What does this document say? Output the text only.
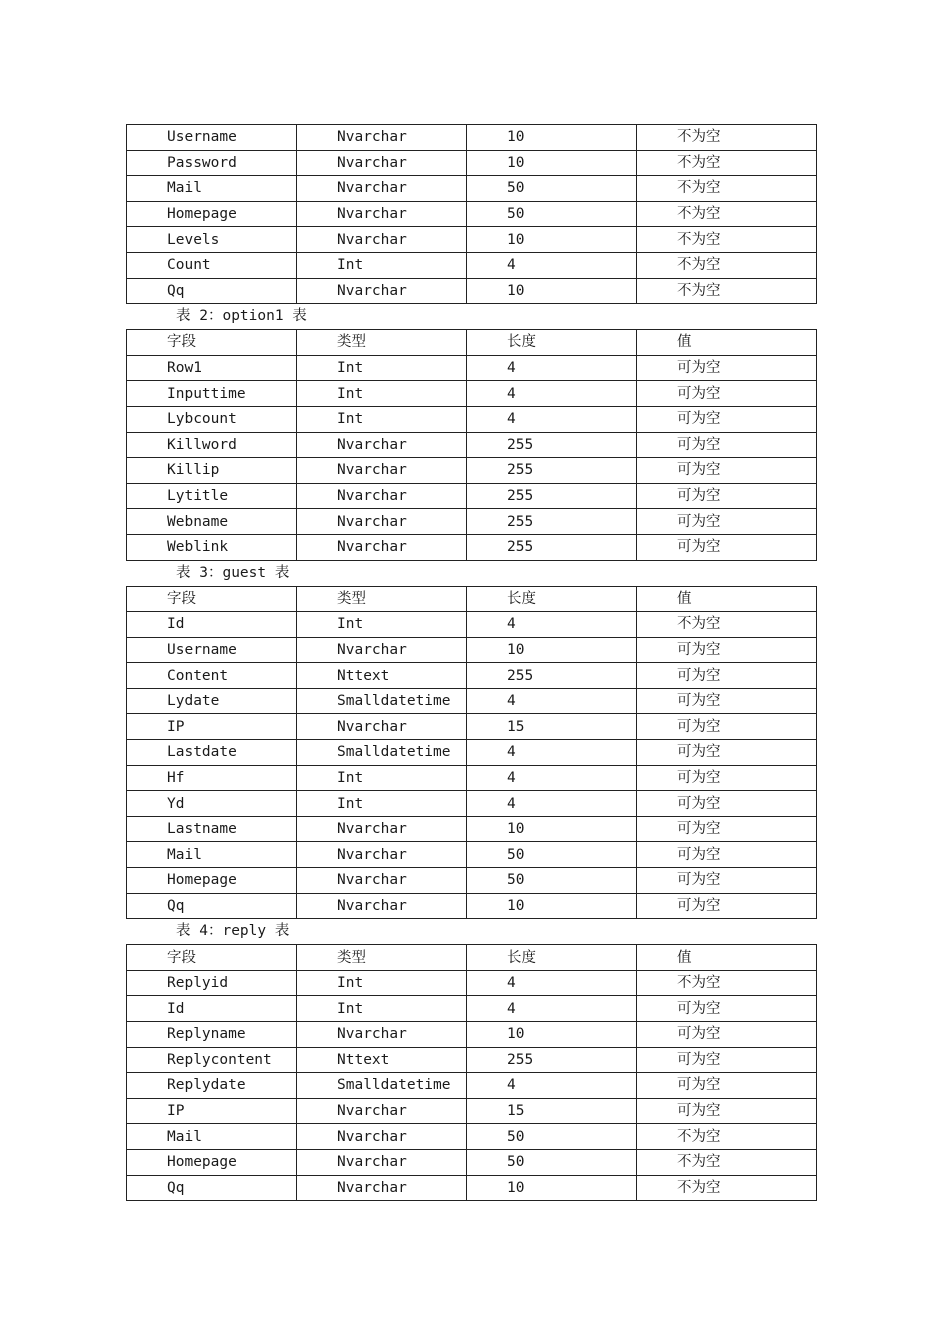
Username	Nvarchar	10	不为空
Password	Nvarchar	10	不为空
Mail	Nvarchar	50	不为空
Homepage	Nvarchar	50	不为空
Levels	Nvarchar	10	不为空
Count	Int	4	不为空
Qq	Nvarchar	10	不为空
表 2：option1 表
字段	类型	长度	值
Row1	Int	4	可为空
Inputtime	Int	4	可为空
Lybcount	Int	4	可为空
Killword	Nvarchar	255	可为空
Killip	Nvarchar	255	可为空
Lytitle	Nvarchar	255	可为空
Webname	Nvarchar	255	可为空
Weblink	Nvarchar	255	可为空
表 3：guest 表
字段	类型	长度	值
Id	Int	4	不为空
Username	Nvarchar	10	可为空
Content	Nttext	255	可为空
Lydate	Smalldatetime	4	可为空
IP	Nvarchar	15	可为空
Lastdate	Smalldatetime	4	可为空
Hf	Int	4	可为空
Yd	Int	4	可为空
Lastname	Nvarchar	10	可为空
Mail	Nvarchar	50	可为空
Homepage	Nvarchar	50	可为空
Qq	Nvarchar	10	可为空
表 4：reply 表
字段	类型	长度	值
Replyid	Int	4	不为空
Id	Int	4	可为空
Replyname	Nvarchar	10	可为空
Replycontent	Nttext	255	可为空
Replydate	Smalldatetime	4	可为空
IP	Nvarchar	15	可为空
Mail	Nvarchar	50	不为空
Homepage	Nvarchar	50	不为空
Qq	Nvarchar	10	不为空
